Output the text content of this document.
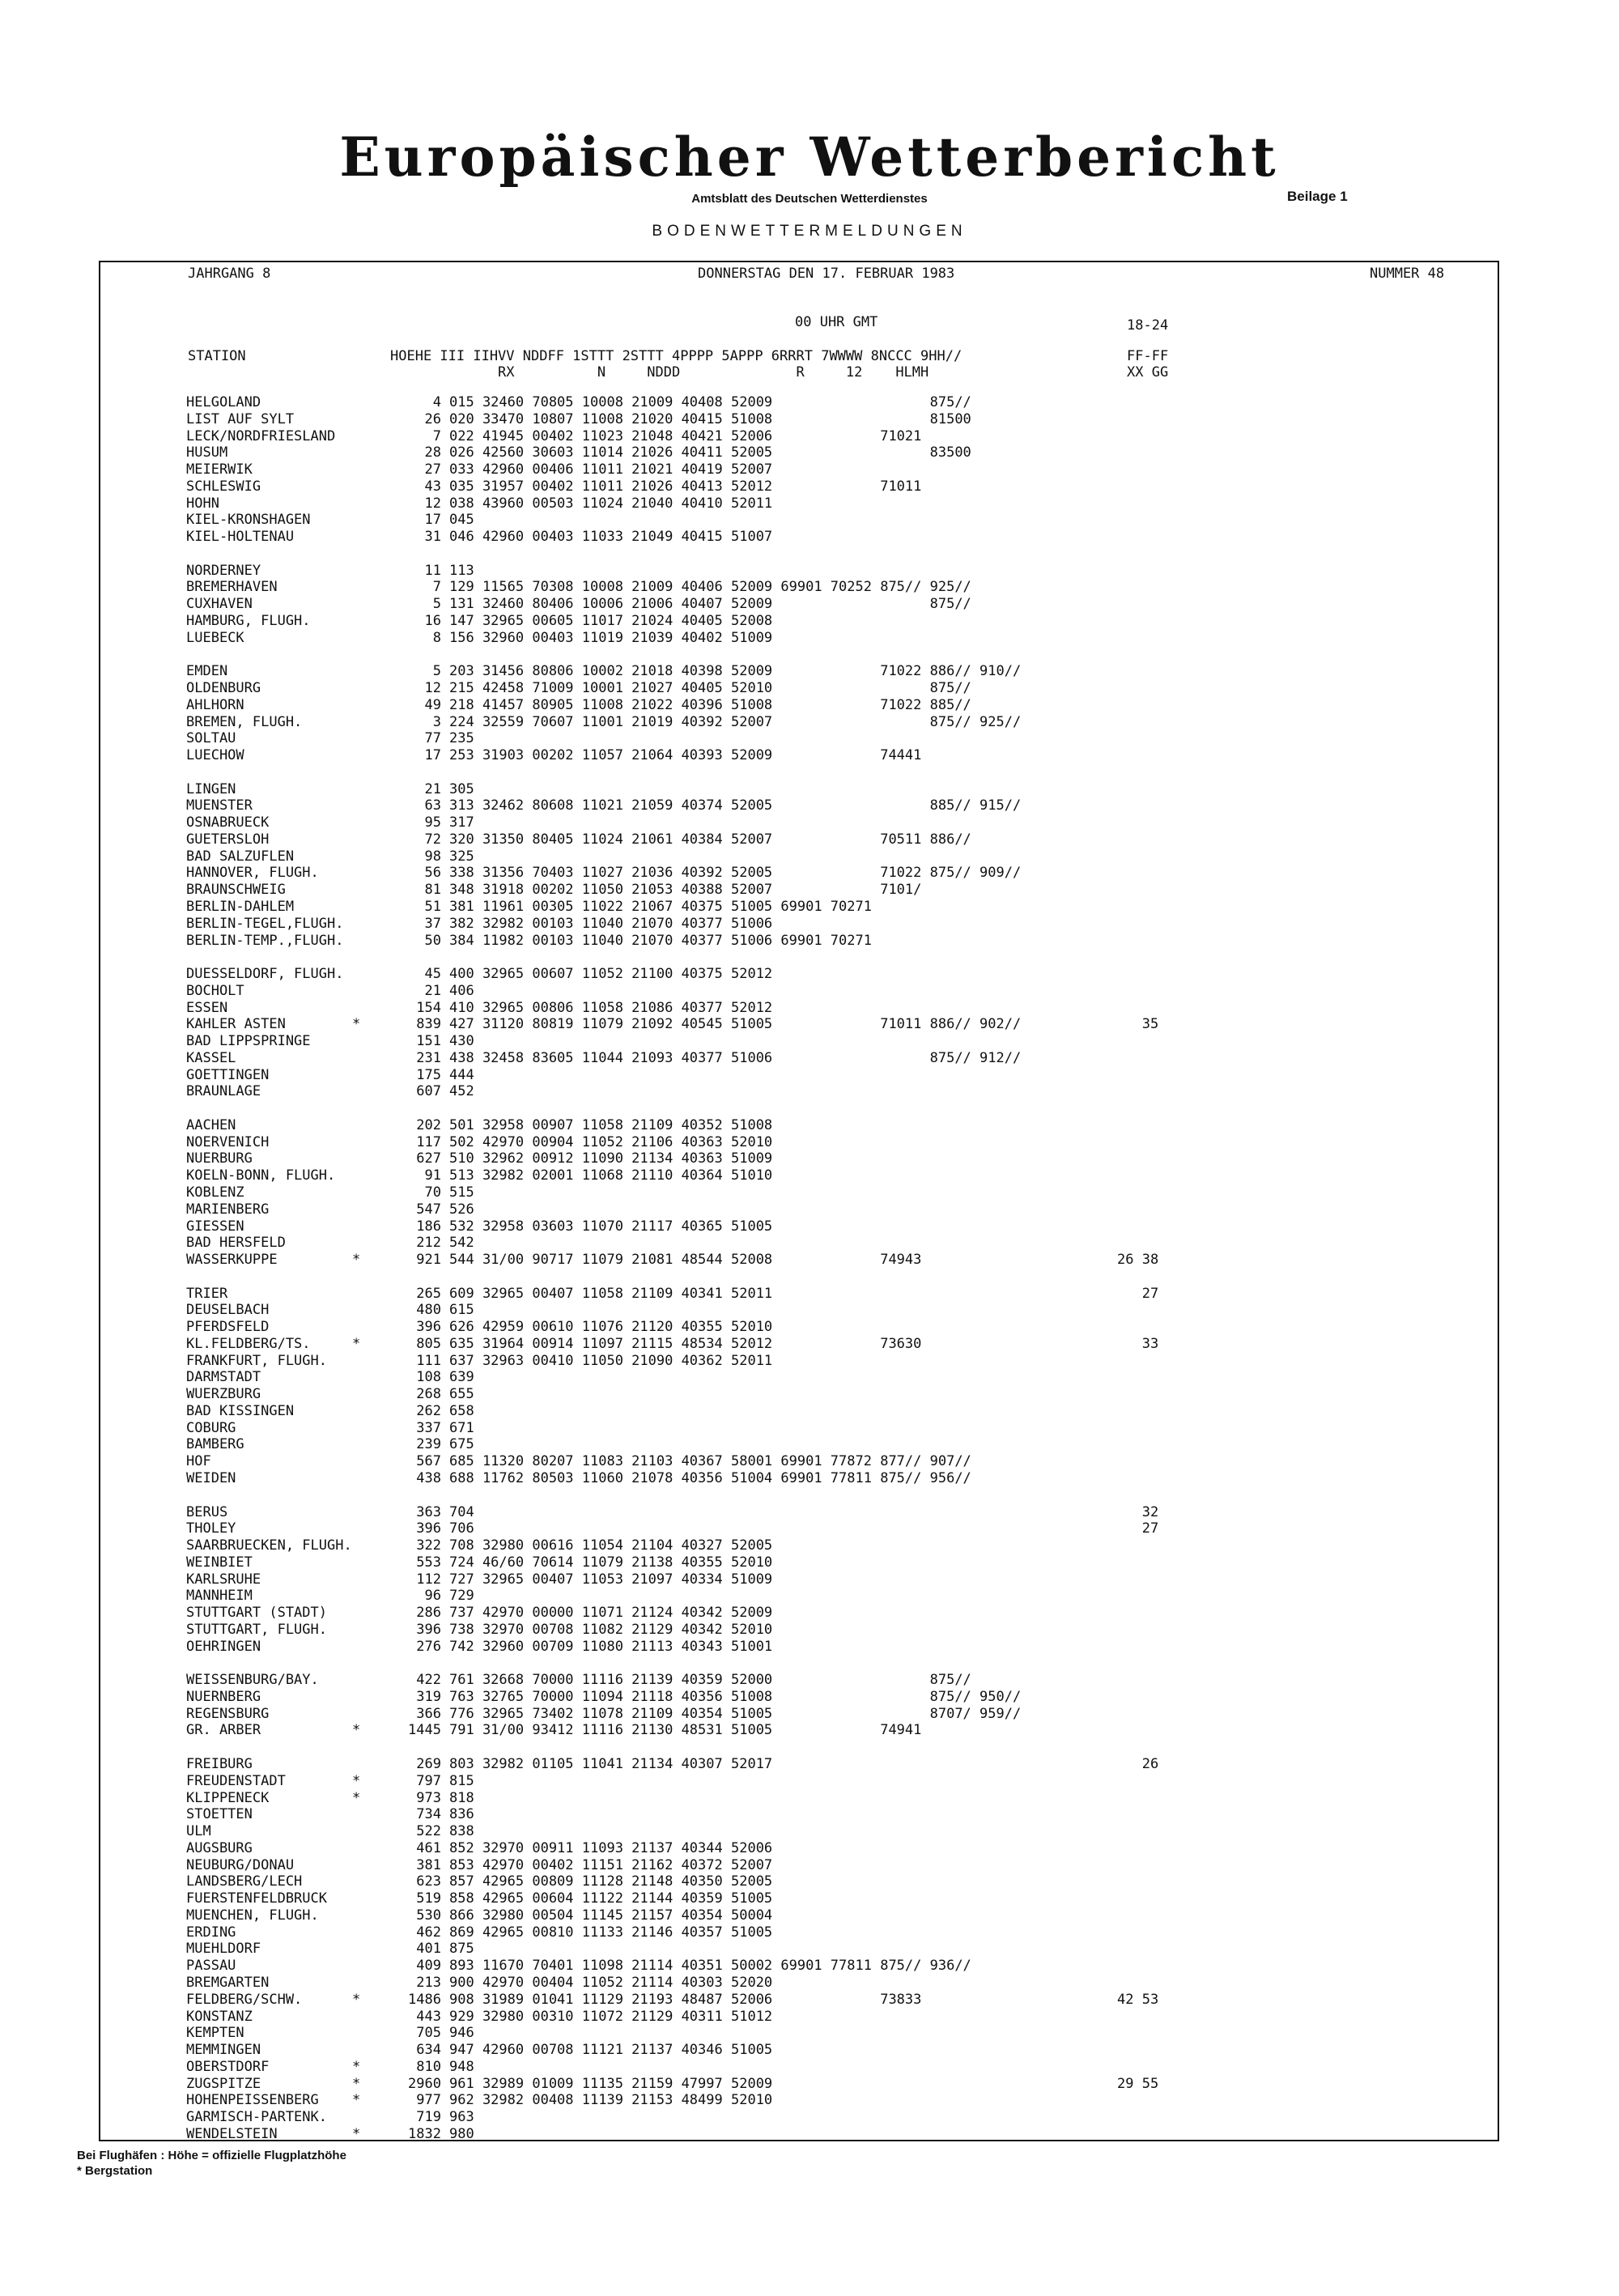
Europäischer Wetterbericht
Amtsblatt des Deutschen Wetterdienstes	Beilage 1
BODENWETTERMELDUNGEN
JAHRGANG 8	DONNERSTAG DEN 17. FEBRUAR 1983	NUMMER 48
00 UHR GMT	18-24
STATION	HOEHE III IIHVV NDDFF 1STTT 2STTT 4PPPP 5APPP 6RRRT 7WWWW 8NCCC 9HH//
RX          N     NDDD              R     12    HLMH
FF-FF
XX GG
HELGOLAND	4 015 32460 70805 10008 21009 40408 52009                   875//
LIST AUF SYLT	26 020 33470 10807 11008 21020 40415 51008                   81500
LECK/NORDFRIESLAND	7 022 41945 00402 11023 21048 40421 52006             71021
HUSUM	28 026 42560 30603 11014 21026 40411 52005                   83500
MEIERWIK	27 033 42960 00406 11011 21021 40419 52007
SCHLESWIG	43 035 31957 00402 11011 21026 40413 52012             71011
HOHN	12 038 43960 00503 11024 21040 40410 52011
KIEL-KRONSHAGEN	17 045
KIEL-HOLTENAU	31 046 42960 00403 11033 21049 40415 51007
NORDERNEY	11 113
BREMERHAVEN	7 129 11565 70308 10008 21009 40406 52009 69901 70252 875// 925//
CUXHAVEN	5 131 32460 80406 10006 21006 40407 52009                   875//
HAMBURG, FLUGH.	16 147 32965 00605 11017 21024 40405 52008
LUEBECK	8 156 32960 00403 11019 21039 40402 51009
EMDEN	5 203 31456 80806 10002 21018 40398 52009             71022 886// 910//
OLDENBURG	12 215 42458 71009 10001 21027 40405 52010                   875//
AHLHORN	49 218 41457 80905 11008 21022 40396 51008             71022 885//
BREMEN, FLUGH.	3 224 32559 70607 11001 21019 40392 52007                   875// 925//
SOLTAU	77 235
LUECHOW	17 253 31903 00202 11057 21064 40393 52009             74441
LINGEN	21 305
MUENSTER	63 313 32462 80608 11021 21059 40374 52005                   885// 915//
OSNABRUECK	95 317
GUETERSLOH	72 320 31350 80405 11024 21061 40384 52007             70511 886//
BAD SALZUFLEN	98 325
HANNOVER, FLUGH.	56 338 31356 70403 11027 21036 40392 52005             71022 875// 909//
BRAUNSCHWEIG	81 348 31918 00202 11050 21053 40388 52007             7101/
BERLIN-DAHLEM	51 381 11961 00305 11022 21067 40375 51005 69901 70271
BERLIN-TEGEL,FLUGH.	37 382 32982 00103 11040 21070 40377 51006
BERLIN-TEMP.,FLUGH.	50 384 11982 00103 11040 21070 40377 51006 69901 70271
DUESSELDORF, FLUGH.	45 400 32965 00607 11052 21100 40375 52012
BOCHOLT	21 406
ESSEN	154 410 32965 00806 11058 21086 40377 52012
KAHLER ASTEN	*	839 427 31120 80819 11079 21092 40545 51005             71011 886// 902//	35
BAD LIPPSPRINGE	151 430
KASSEL	231 438 32458 83605 11044 21093 40377 51006                   875// 912//
GOETTINGEN	175 444
BRAUNLAGE	607 452
AACHEN	202 501 32958 00907 11058 21109 40352 51008
NOERVENICH	117 502 42970 00904 11052 21106 40363 52010
NUERBURG	627 510 32962 00912 11090 21134 40363 51009
KOELN-BONN, FLUGH.	91 513 32982 02001 11068 21110 40364 51010
KOBLENZ	70 515
MARIENBERG	547 526
GIESSEN	186 532 32958 03603 11070 21117 40365 51005
BAD HERSFELD	212 542
WASSERKUPPE	*	921 544 31/00 90717 11079 21081 48544 52008             74943	26 38
TRIER	265 609 32965 00407 11058 21109 40341 52011	27
DEUSELBACH	480 615
PFERDSFELD	396 626 42959 00610 11076 21120 40355 52010
KL.FELDBERG/TS.	*	805 635 31964 00914 11097 21115 48534 52012             73630	33
FRANKFURT, FLUGH.	111 637 32963 00410 11050 21090 40362 52011
DARMSTADT	108 639
WUERZBURG	268 655
BAD KISSINGEN	262 658
COBURG	337 671
BAMBERG	239 675
HOF	567 685 11320 80207 11083 21103 40367 58001 69901 77872 877// 907//
WEIDEN	438 688 11762 80503 11060 21078 40356 51004 69901 77811 875// 956//
BERUS	363 704	32
THOLEY	396 706	27
SAARBRUECKEN, FLUGH.	322 708 32980 00616 11054 21104 40327 52005
WEINBIET	553 724 46/60 70614 11079 21138 40355 52010
KARLSRUHE	112 727 32965 00407 11053 21097 40334 51009
MANNHEIM	96 729
STUTTGART (STADT)	286 737 42970 00000 11071 21124 40342 52009
STUTTGART, FLUGH.	396 738 32970 00708 11082 21129 40342 52010
OEHRINGEN	276 742 32960 00709 11080 21113 40343 51001
WEISSENBURG/BAY.	422 761 32668 70000 11116 21139 40359 52000                   875//
NUERNBERG	319 763 32765 70000 11094 21118 40356 51008                   875// 950//
REGENSBURG	366 776 32965 73402 11078 21109 40354 51005                   8707/ 959//
GR. ARBER	*	1445 791 31/00 93412 11116 21130 48531 51005             74941
FREIBURG	269 803 32982 01105 11041 21134 40307 52017	26
FREUDENSTADT	*	797 815
KLIPPENECK	*	973 818
STOETTEN	734 836
ULM	522 838
AUGSBURG	461 852 32970 00911 11093 21137 40344 52006
NEUBURG/DONAU	381 853 42970 00402 11151 21162 40372 52007
LANDSBERG/LECH	623 857 42965 00809 11128 21148 40350 52005
FUERSTENFELDBRUCK	519 858 42965 00604 11122 21144 40359 51005
MUENCHEN, FLUGH.	530 866 32980 00504 11145 21157 40354 50004
ERDING	462 869 42965 00810 11133 21146 40357 51005
MUEHLDORF	401 875
PASSAU	409 893 11670 70401 11098 21114 40351 50002 69901 77811 875// 936//
BREMGARTEN	213 900 42970 00404 11052 21114 40303 52020
FELDBERG/SCHW.	*	1486 908 31989 01041 11129 21193 48487 52006             73833	42 53
KONSTANZ	443 929 32980 00310 11072 21129 40311 51012
KEMPTEN	705 946
MEMMINGEN	634 947 42960 00708 11121 21137 40346 51005
OBERSTDORF	*	810 948
ZUGSPITZE	*	2960 961 32989 01009 11135 21159 47997 52009	29 55
HOHENPEISSENBERG *	977 962 32982 00408 11139 21153 48499 52010
GARMISCH-PARTENK.	719 963
WENDELSTEIN	*	1832 980
Bei Flughäfen : Höhe = offizielle Flugplatzhöhe
* Bergstation
